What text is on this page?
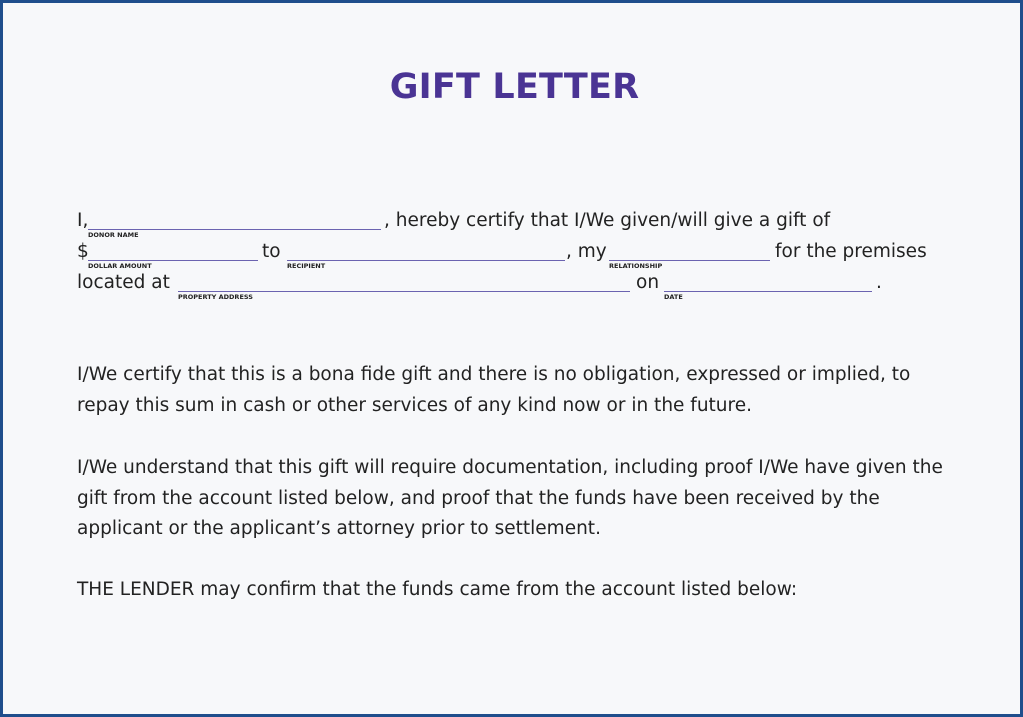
GIFT LETTER
I,
DONOR NAME
, hereby certify that I/We given/will give a gift of
$
DOLLAR AMOUNT
to
RECIPIENT
, my
RELATIONSHIP
for the premises
located at
PROPERTY ADDRESS
on
DATE
.

I/We certify that this is a bona fide gift and there is no obligation, expressed or implied, to repay this sum in cash or other services of any kind now or in the future.

I/We understand that this gift will require documentation, including proof I/We have given the gift from the account listed below, and proof that the funds have been received by the applicant or the applicant’s attorney prior to settlement.

THE LENDER may confirm that the funds came from the account listed below:
